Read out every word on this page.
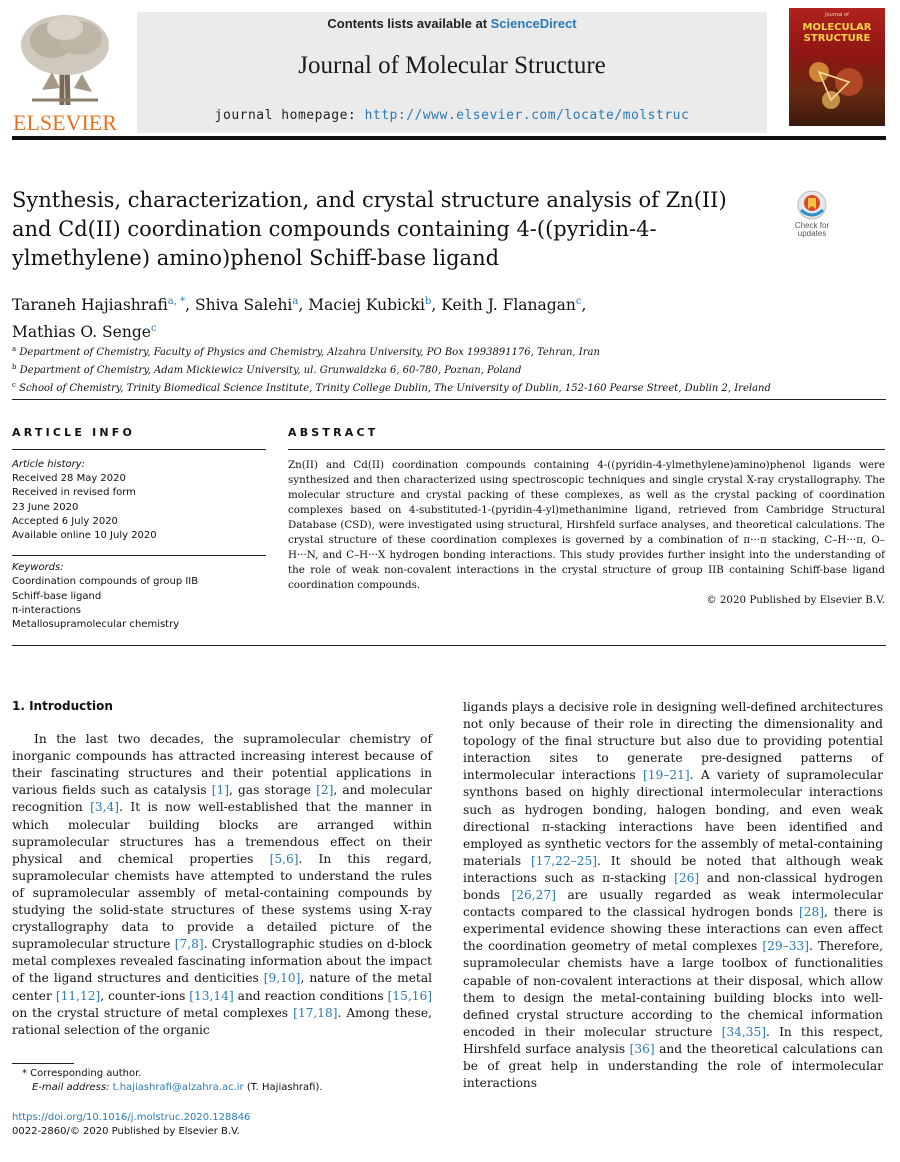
ELSEVIER
Contents lists available at ScienceDirect
Journal of Molecular Structure
journal homepage: http://www.elsevier.com/locate/molstruc
Journal of
MOLECULAR
STRUCTURE
Synthesis, characterization, and crystal structure analysis of Zn(II) and Cd(II) coordination compounds containing 4-((pyridin-4-ylmethylene) amino)phenol Schiff-base ligand
Check for updates
Taraneh Hajiashrafi$^{a, *}$, Shiva Salehi$^a$, Maciej Kubicki$^b$, Keith J. Flanagan$^c$,
Mathias O. Senge$^c$
$^a$ Department of Chemistry, Faculty of Physics and Chemistry, Alzahra University, PO Box 1993891176, Tehran, Iran
$^b$ Department of Chemistry, Adam Mickiewicz University, ul. Grunwaldzka 6, 60-780, Poznan, Poland
$^c$ School of Chemistry, Trinity Biomedical Science Institute, Trinity College Dublin, The University of Dublin, 152-160 Pearse Street, Dublin 2, Ireland
ARTICLE INFO	ABSTRACT
Article history:
Received 28 May 2020
Received in revised form
23 June 2020
Accepted 6 July 2020
Available online 10 July 2020
Keywords:
Coordination compounds of group IIB
Schiff-base ligand
π-interactions
Metallosupramolecular chemistry
Zn(II) and Cd(II) coordination compounds containing 4-((pyridin-4-ylmethylene)amino)phenol ligands were synthesized and then characterized using spectroscopic techniques and single crystal X-ray crystallography. The molecular structure and crystal packing of these complexes, as well as the crystal packing of coordination complexes based on 4-substituted-1-(pyridin-4-yl)methanimine ligand, retrieved from Cambridge Structural Database (CSD), were investigated using structural, Hirshfeld surface analyses, and theoretical calculations. The crystal structure of these coordination complexes is governed by a combination of π···π stacking, C–H···π, O–H···N, and C–H···X hydrogen bonding interactions. This study provides further insight into the understanding of the role of weak non-covalent interactions in the crystal structure of group IIB containing Schiff-base ligand coordination compounds.
© 2020 Published by Elsevier B.V.
1. Introduction

In the last two decades, the supramolecular chemistry of inorganic compounds has attracted increasing interest because of their fascinating structures and their potential applications in various fields such as catalysis [1], gas storage [2], and molecular recognition [3,4]. It is now well-established that the manner in which molecular building blocks are arranged within supramolecular structures has a tremendous effect on their physical and chemical properties [5,6]. In this regard, supramolecular chemists have attempted to understand the rules of supramolecular assembly of metal-containing compounds by studying the solid-state structures of these systems using X-ray crystallography data to provide a detailed picture of the supramolecular structure [7,8]. Crystallographic studies on d-block metal complexes revealed fascinating information about the impact of the ligand structures and denticities [9,10], nature of the metal center [11,12], counter-ions [13,14] and reaction conditions [15,16] on the crystal structure of metal complexes [17,18]. Among these, rational selection of the organic

ligands plays a decisive role in designing well-defined architectures not only because of their role in directing the dimensionality and topology of the final structure but also due to providing potential interaction sites to generate pre-designed patterns of intermolecular interactions [19–21]. A variety of supramolecular synthons based on highly directional intermolecular interactions such as hydrogen bonding, halogen bonding, and even weak directional π-stacking interactions have been identified and employed as synthetic vectors for the assembly of metal-containing materials [17,22–25]. It should be noted that although weak interactions such as π-stacking [26] and non-classical hydrogen bonds [26,27] are usually regarded as weak intermolecular contacts compared to the classical hydrogen bonds [28], there is experimental evidence showing these interactions can even affect the coordination geometry of metal complexes [29–33]. Therefore, supramolecular chemists have a large toolbox of functionalities capable of non-covalent interactions at their disposal, which allow them to design the metal-containing building blocks into well-defined crystal structure according to the chemical information encoded in their molecular structure [34,35]. In this respect, Hirshfeld surface analysis [36] and the theoretical calculations can be of great help in understanding the role of intermolecular interactions

* Corresponding author.
E-mail address: t.hajiashrafi@alzahra.ac.ir (T. Hajiashrafi).
https://doi.org/10.1016/j.molstruc.2020.128846
0022-2860/© 2020 Published by Elsevier B.V.
